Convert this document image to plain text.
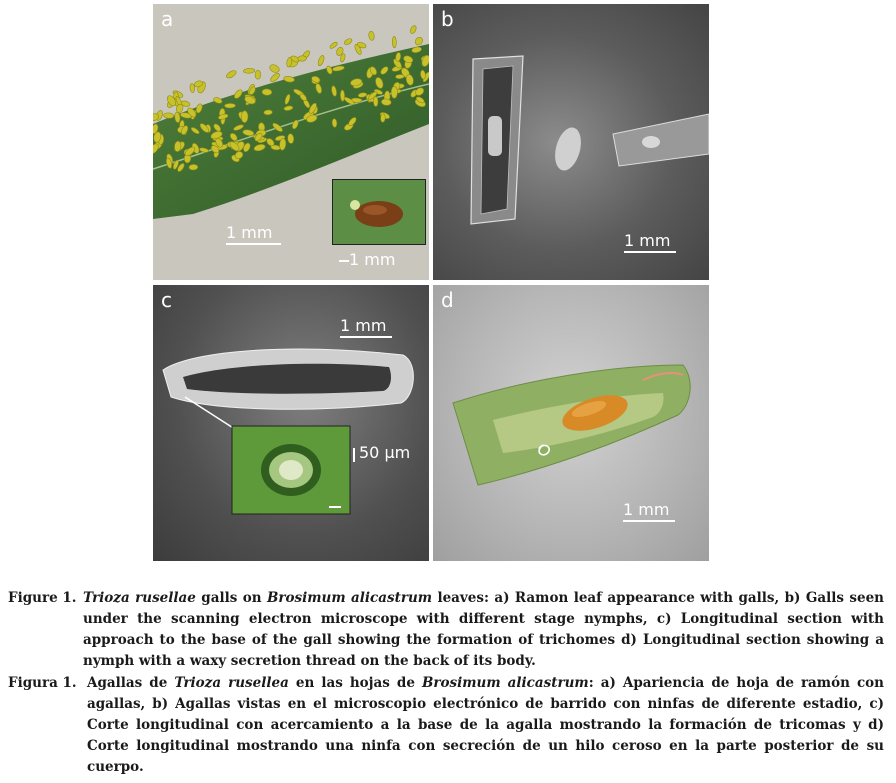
a
1 mm
1 mm
b
1 mm
c
1 mm
50 μm
d
1 mm
Figure 1. Trioza rusellae galls on Brosimum alicastrum leaves: a) Ramon leaf appearance with galls, b) Galls seen under the scanning electron microscope with different stage nymphs, c) Longitudinal section with approach to the base of the gall showing the formation of trichomes d) Longitudinal section showing a nymph with a waxy secretion thread on the back of its body.
Figura 1. Agallas de Trioza rusellea en las hojas de Brosimum alicastrum: a) Apariencia de hoja de ramón con agallas, b) Agallas vistas en el microscopio electrónico de barrido con ninfas de diferente estadio, c) Corte longitudinal con acercamiento a la base de la agalla mostrando la formación de tricomas y d) Corte longitudinal mostrando una ninfa con secreción de un hilo ceroso en la parte posterior de su cuerpo.
